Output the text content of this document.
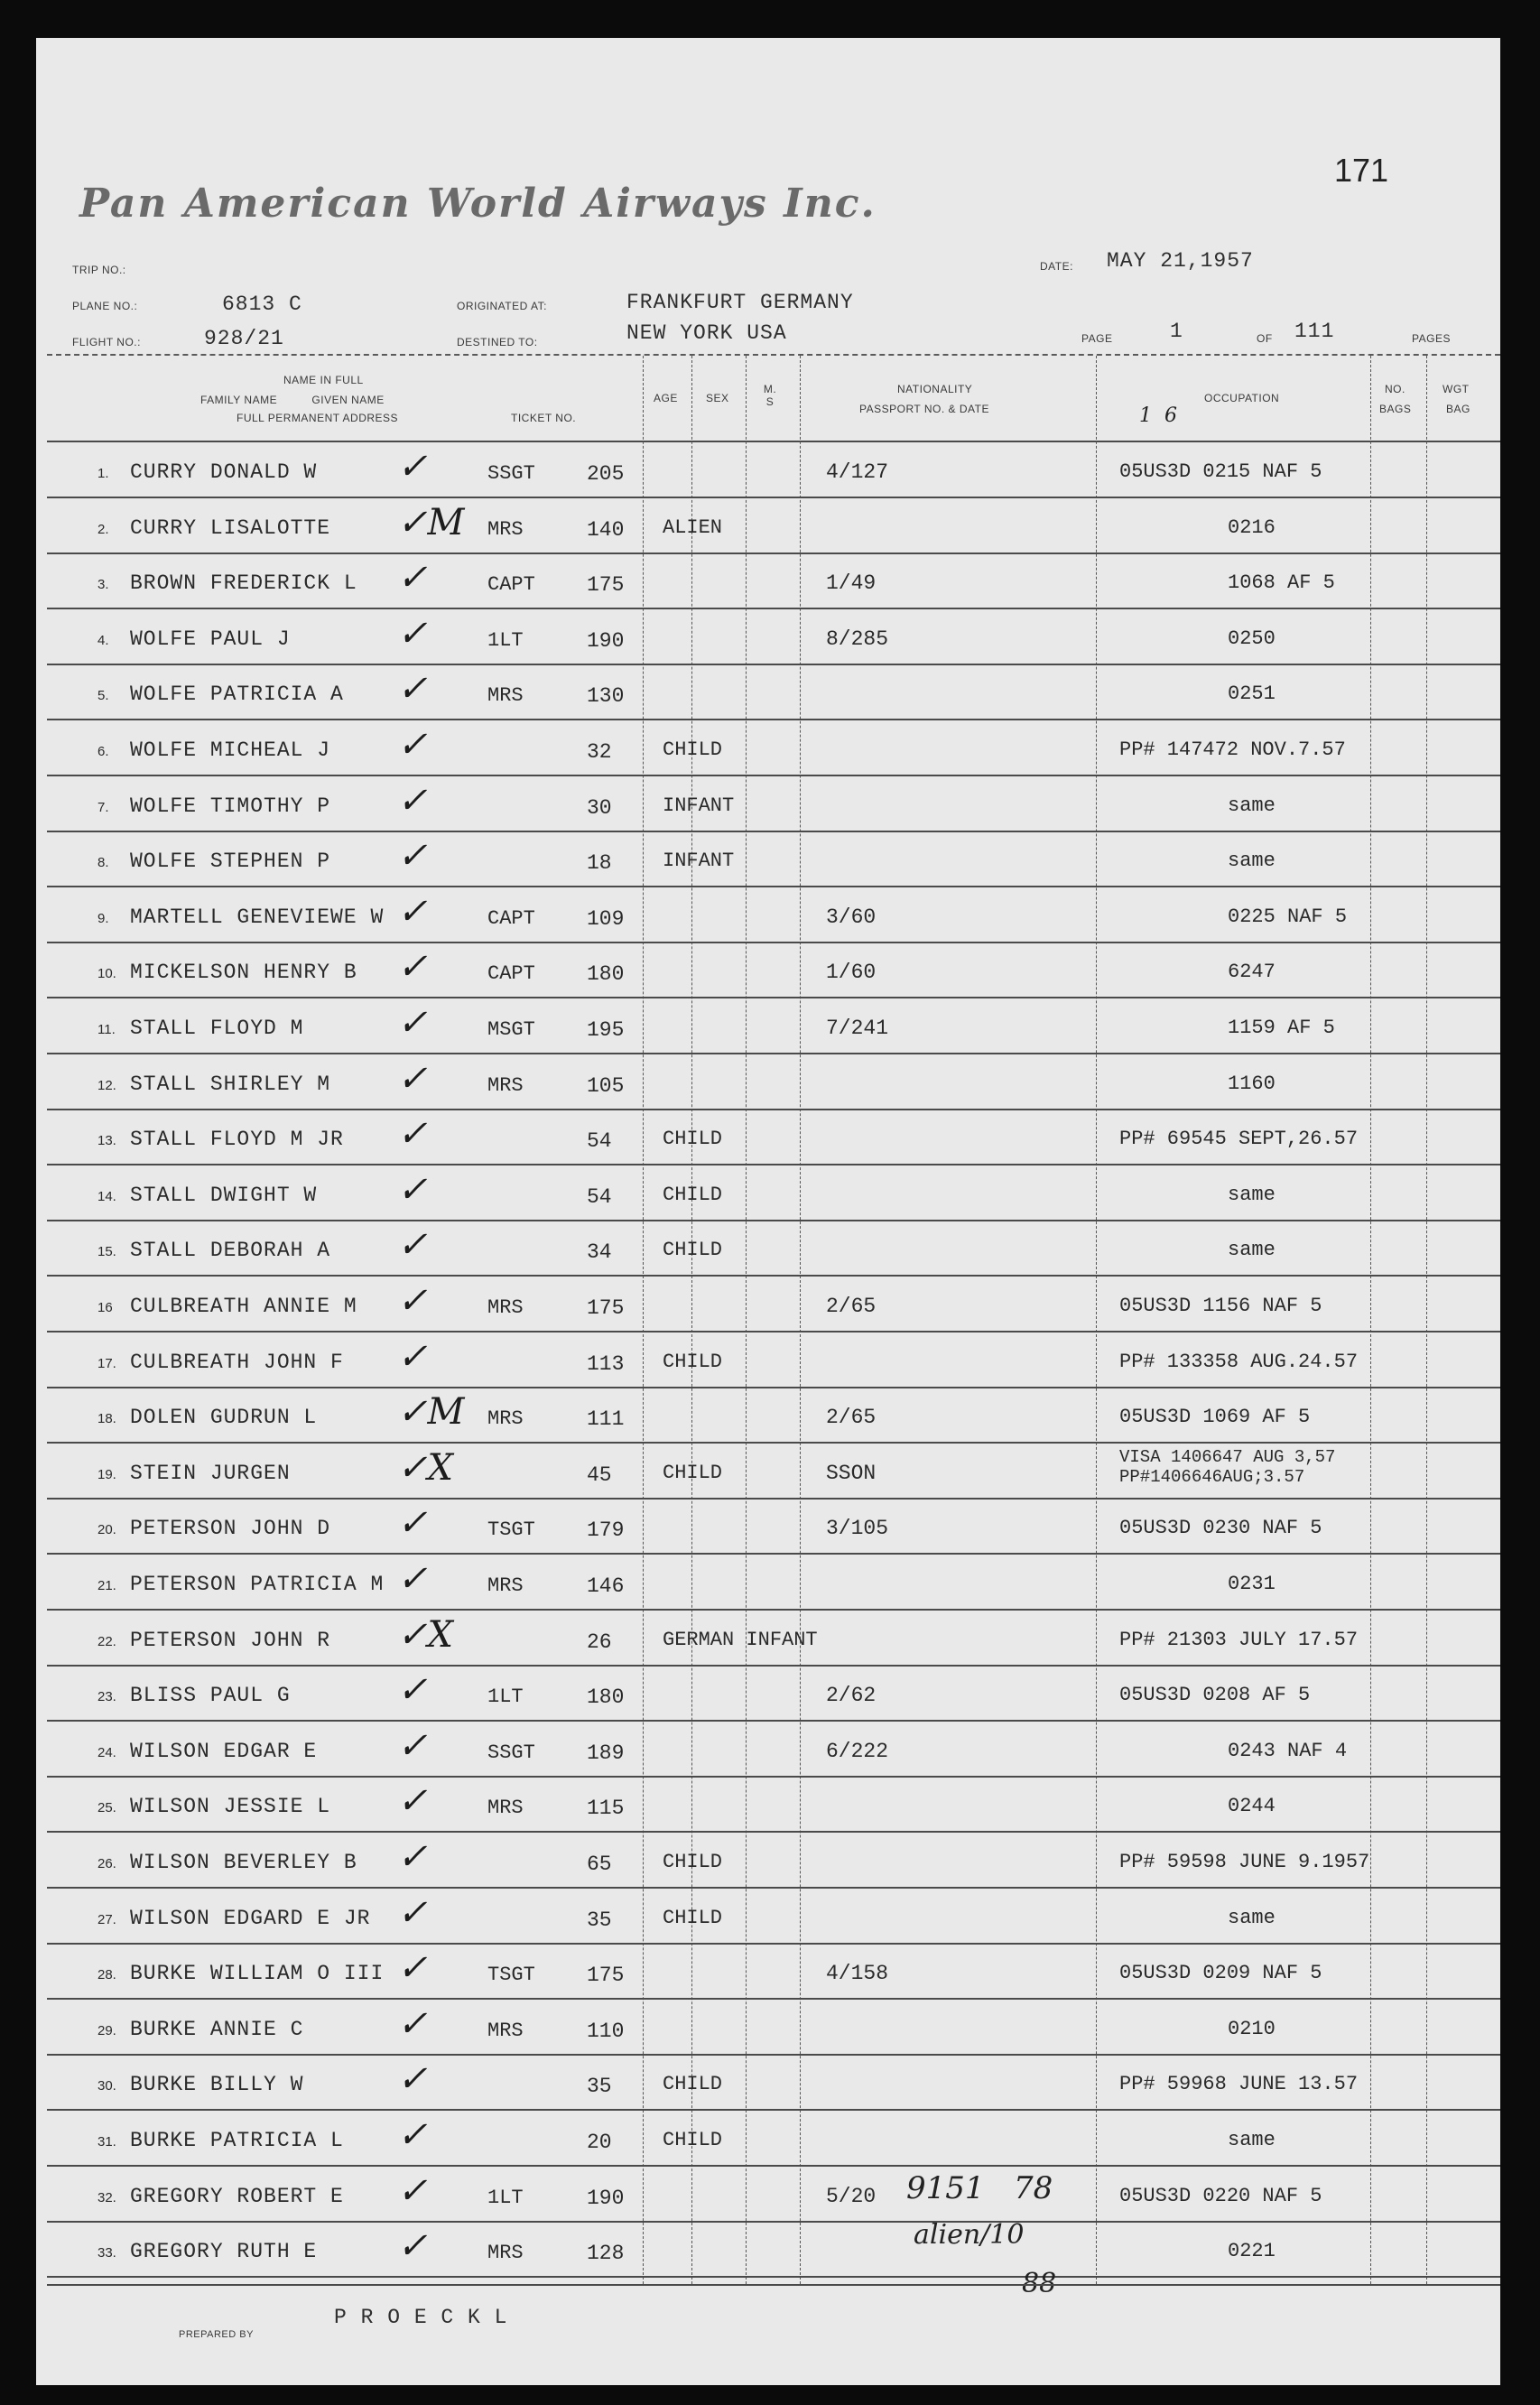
Pan American World Airways Inc.
171
TRIP NO.:
PLANE NO.:	6813 C
FLIGHT NO.:	928/21
ORIGINATED AT:	FRANKFURT GERMANY
DESTINED TO:	NEW YORK USA
DATE: MAY 21,1957
PAGE	1	OF 111	PAGES
NAME IN FULL
FAMILY NAME          GIVEN NAME
FULL PERMANENT ADDRESS	TICKET NO.
AGE	SEX
M. S
NATIONALITY
PASSPORT NO. & DATE
OCCUPATION
1  6
NO.
BAGS
WGT
BAG
1. CURRY DONALD W ✓	SSGT 205	4/127	05US3D 0215 NAF 5
2. CURRY LISALOTTE ✓M MRS	140 ALIEN	0216
3. BROWN FREDERICK L ✓	CAPT 175	1/49	1068 AF 5
4. WOLFE PAUL J	✓	1LT	190	8/285	0250
5. WOLFE PATRICIA A ✓	MRS	130	0251
6. WOLFE MICHEAL J ✓	32	CHILD	PP# 147472 NOV.7.57
7. WOLFE TIMOTHY P ✓	30	INFANT	same
8. WOLFE STEPHEN P ✓	18	INFANT	same
9. MARTELL GENEVIEWE W ✓	CAPT 109	3/60	0225 NAF 5
10. MICKELSON HENRY B ✓	CAPT 180	1/60	6247
11. STALL FLOYD M	✓	MSGT 195	7/241	1159 AF 5
12. STALL SHIRLEY M ✓	MRS	105	1160
13. STALL FLOYD M JR ✓	54	CHILD	PP# 69545 SEPT,26.57
14. STALL DWIGHT W ✓	54	CHILD	same
15. STALL DEBORAH A ✓	34	CHILD	same
16 CULBREATH ANNIE M ✓	MRS	175	2/65	05US3D 1156 NAF 5
17. CULBREATH JOHN F ✓	113 CHILD	PP# 133358 AUG.24.57
18. DOLEN GUDRUN L ✓M MRS	111	2/65	05US3D 1069 AF 5
19. STEIN JURGEN	✓X	45	CHILD	SSON
VISA 1406647 AUG 3,57
PP#1406646AUG;3.57
20. PETERSON JOHN D ✓	TSGT 179	3/105	05US3D 0230 NAF 5
21. PETERSON PATRICIA M ✓	MRS	146	0231
22. PETERSON JOHN R ✓X	26	GERMAN INFANT	PP# 21303 JULY 17.57
23. BLISS PAUL G	✓	1LT	180	2/62	05US3D 0208 AF 5
24. WILSON EDGAR E ✓	SSGT 189	6/222	0243 NAF 4
25. WILSON JESSIE L ✓	MRS	115	0244
26. WILSON BEVERLEY B ✓	65	CHILD	PP# 59598 JUNE 9.1957
27. WILSON EDGARD E JR ✓	35	CHILD	same
28. BURKE WILLIAM O III ✓	TSGT 175	4/158	05US3D 0209 NAF 5
29. BURKE ANNIE C	✓	MRS	110	0210
30. BURKE BILLY W	✓	35	CHILD	PP# 59968 JUNE 13.57
31. BURKE PATRICIA L ✓	20	CHILD	same
32. GREGORY ROBERT E ✓	1LT	190	5/20	05US3D 0220 NAF 5
33. GREGORY RUTH E ✓	MRS	128	0221
9151   78
alien/10
88
PREPARED BY
P R O E C K L
